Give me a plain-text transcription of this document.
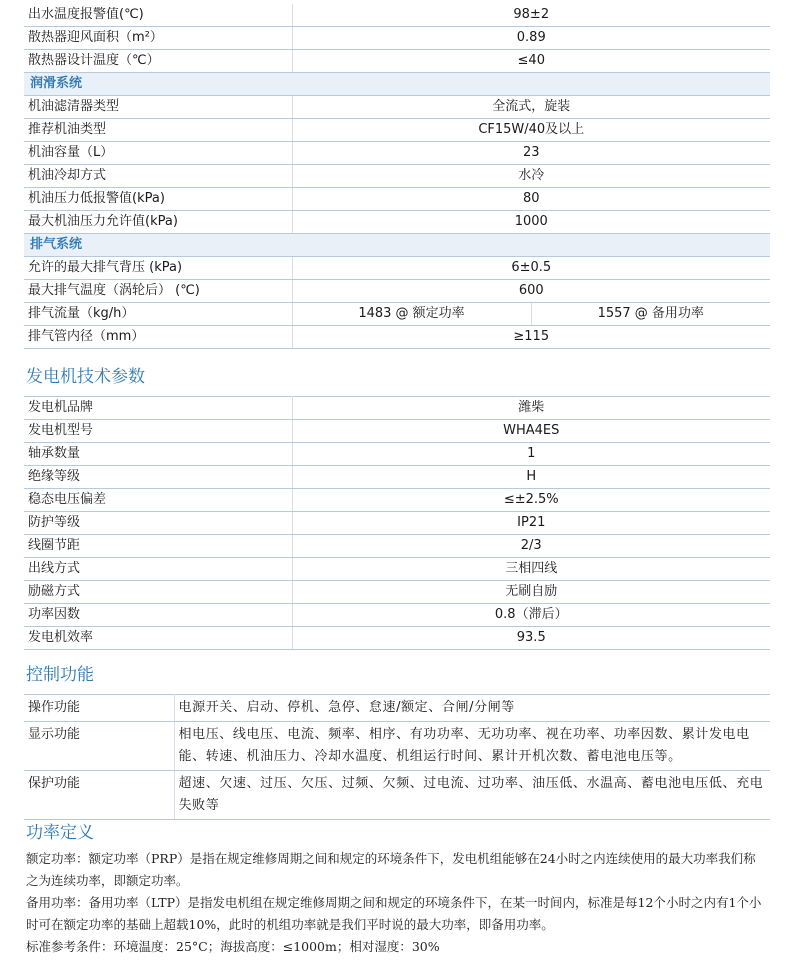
出水温度报警值(℃)	98±2	
散热器迎风面积（m²）	0.89	
散热器设计温度（℃）	≤40	
润滑系统		
机油滤清器类型	全流式，旋装	
推荐机油类型	CF15W/40及以上	
机油容量（L）	23	
机油冷却方式	水冷	
机油压力低报警值(kPa)	80	
最大机油压力允许值(kPa)	1000	
排气系统		
允许的最大排气背压 (kPa)	6±0.5	
最大排气温度（涡轮后） (℃)	600	
排气流量（kg/h）	1483 @ 额定功率	1557 @ 备用功率
排气管内径（mm）	≥115	
发电机技术参数
发电机品牌	潍柴
发电机型号	WHA4ES
轴承数量	1
绝缘等级	H
稳态电压偏差	≤±2.5%
防护等级	IP21
线圈节距	2/3
出线方式	三相四线
励磁方式	无刷自励
功率因数	0.8（滞后）
发电机效率	93.5
控制功能
操作功能	电源开关、启动、停机、急停、怠速/额定、合闸/分闸等
显示功能	相电压、线电压、电流、频率、相序、有功功率、无功功率、视在功率、功率因数、累计发电电能、转速、机油压力、冷却水温度、机组运行时间、累计开机次数、蓄电池电压等。
保护功能	超速、欠速、过压、欠压、过频、欠频、过电流、过功率、油压低、水温高、蓄电池电压低、充电失败等
功率定义

额定功率：额定功率（PRP）是指在规定维修周期之间和规定的环境条件下，发电机组能够在24小时之内连续使用的最大功率我们称之为连续功率，即额定功率。

备用功率：备用功率（LTP）是指发电机组在规定维修周期之间和规定的环境条件下，在某一时间内，标准是每12个小时之内有1个小时可在额定功率的基础上超载10%，此时的机组功率就是我们平时说的最大功率，即备用功率。

标准参考条件：环境温度：25°C；海拔高度：≤1000m；相对湿度：30%
